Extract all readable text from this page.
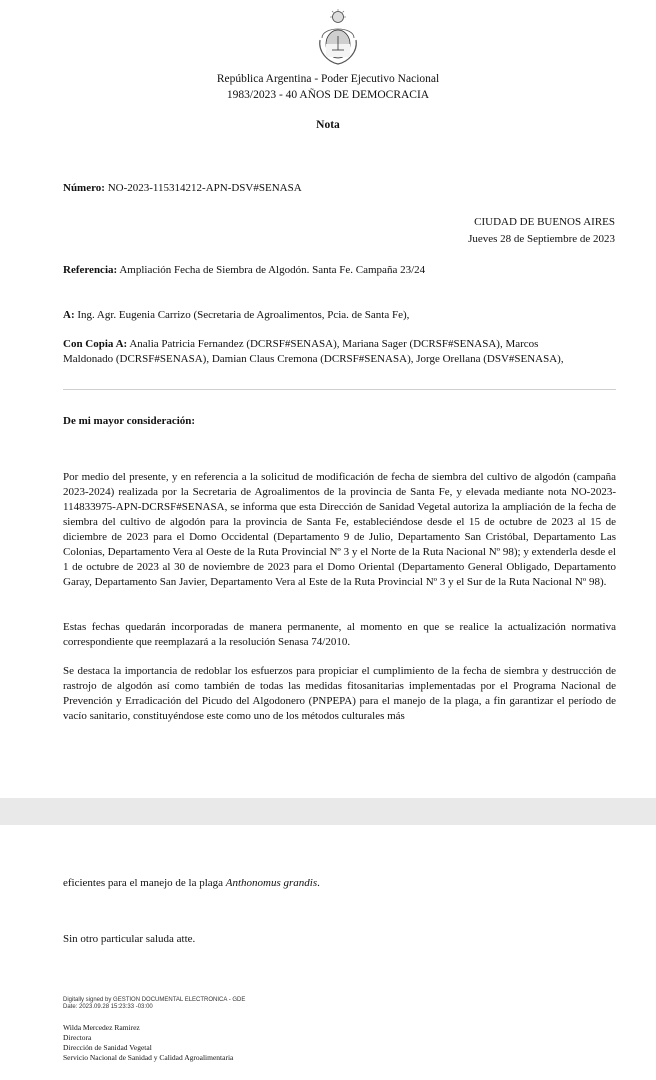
República Argentina - Poder Ejecutivo Nacional
1983/2023 - 40 AÑOS DE DEMOCRACIA
Nota
Número: NO-2023-115314212-APN-DSV#SENASA
CIUDAD DE BUENOS AIRES
Jueves 28 de Septiembre de 2023
Referencia: Ampliación Fecha de Siembra de Algodón. Santa Fe. Campaña 23/24
A: Ing. Agr. Eugenia Carrizo (Secretaria de Agroalimentos, Pcia. de Santa Fe),
Con Copia A: Analia Patricia Fernandez (DCRSF#SENASA), Mariana Sager (DCRSF#SENASA), Marcos
Maldonado (DCRSF#SENASA), Damian Claus Cremona (DCRSF#SENASA), Jorge Orellana (DSV#SENASA),
De mi mayor consideración:
Por medio del presente, y en referencia a la solicitud de modificación de fecha de siembra del cultivo de algodón (campaña 2023-2024) realizada por la Secretaria de Agroalimentos de la provincia de Santa Fe, y elevada mediante nota NO-2023-114833975-APN-DCRSF#SENASA, se informa que esta Dirección de Sanidad Vegetal autoriza la ampliación de la fecha de siembra del cultivo de algodón para la provincia de Santa Fe, estableciéndose desde el 15 de octubre de 2023 al 15 de diciembre de 2023 para el Domo Occidental (Departamento 9 de Julio, Departamento San Cristóbal, Departamento Las Colonias, Departamento Vera al Oeste de la Ruta Provincial Nº 3 y el Norte de la Ruta Nacional Nº 98); y extenderla desde el 1 de octubre de 2023 al 30 de noviembre de 2023 para el Domo Oriental (Departamento General Obligado, Departamento Garay, Departamento San Javier, Departamento Vera al Este de la Ruta Provincial Nº 3 y el Sur de la Ruta Nacional Nº 98).
Estas fechas quedarán incorporadas de manera permanente, al momento en que se realice la actualización normativa correspondiente que reemplazará a la resolución Senasa 74/2010.
Se destaca la importancia de redoblar los esfuerzos para propiciar el cumplimiento de la fecha de siembra y destrucción de rastrojo de algodón así como también de todas las medidas fitosanitarias implementadas por el Programa Nacional de Prevención y Erradicación del Picudo del Algodonero (PNPEPA) para el manejo de la plaga, a fin garantizar el período de vacío sanitario, constituyéndose este como uno de los métodos culturales más
eficientes para el manejo de la plaga Anthonomus grandis.
Sin otro particular saluda atte.
Digitally signed by GESTION DOCUMENTAL ELECTRONICA - GDE
Date: 2023.09.28 15:23:33 -03:00
Wilda Mercedez Ramirez
Directora
Dirección de Sanidad Vegetal
Servicio Nacional de Sanidad y Calidad Agroalimentaria
